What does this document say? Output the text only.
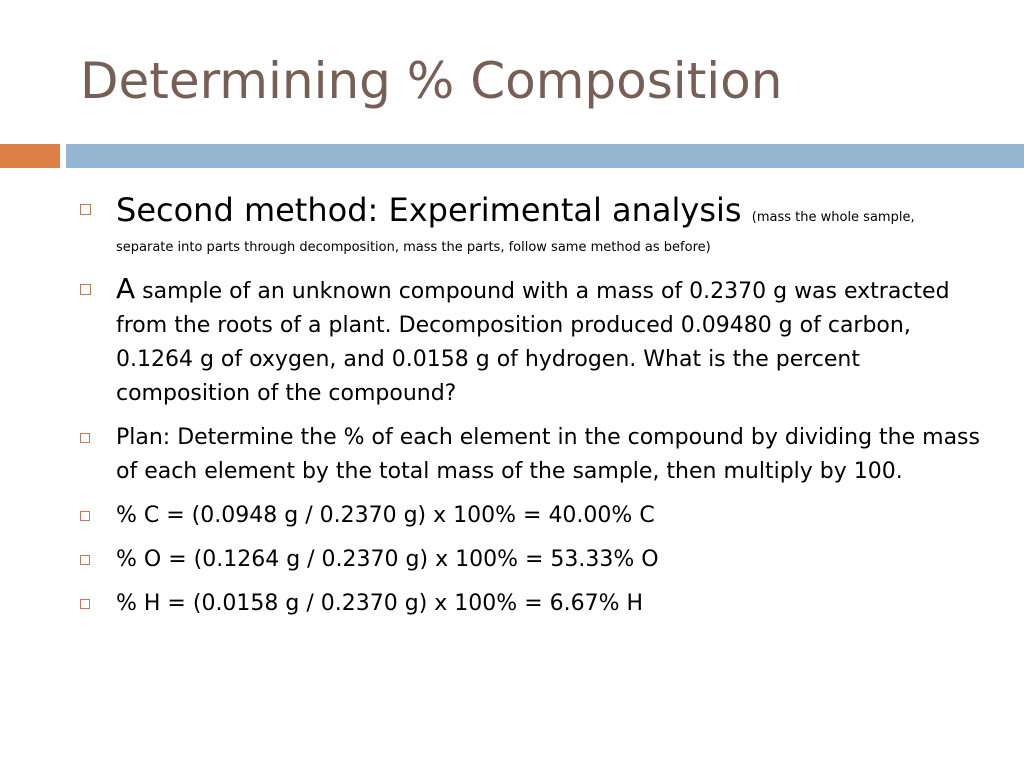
Determining % Composition
Second method: Experimental analysis (mass the whole sample,
separate into parts through decomposition, mass the parts, follow same method as before)
A sample of an unknown compound with a mass of 0.2370 g was extracted from the roots of a plant. Decomposition produced 0.09480 g of carbon, 0.1264 g of oxygen, and 0.0158 g of hydrogen. What is the percent composition of the compound?
Plan: Determine the % of each element in the compound by dividing the mass of each element by the total mass of the sample, then multiply by 100.
% C = (0.0948 g / 0.2370 g) x 100% = 40.00% C
% O = (0.1264 g / 0.2370 g) x 100% = 53.33% O
% H = (0.0158 g / 0.2370 g) x 100% = 6.67% H
